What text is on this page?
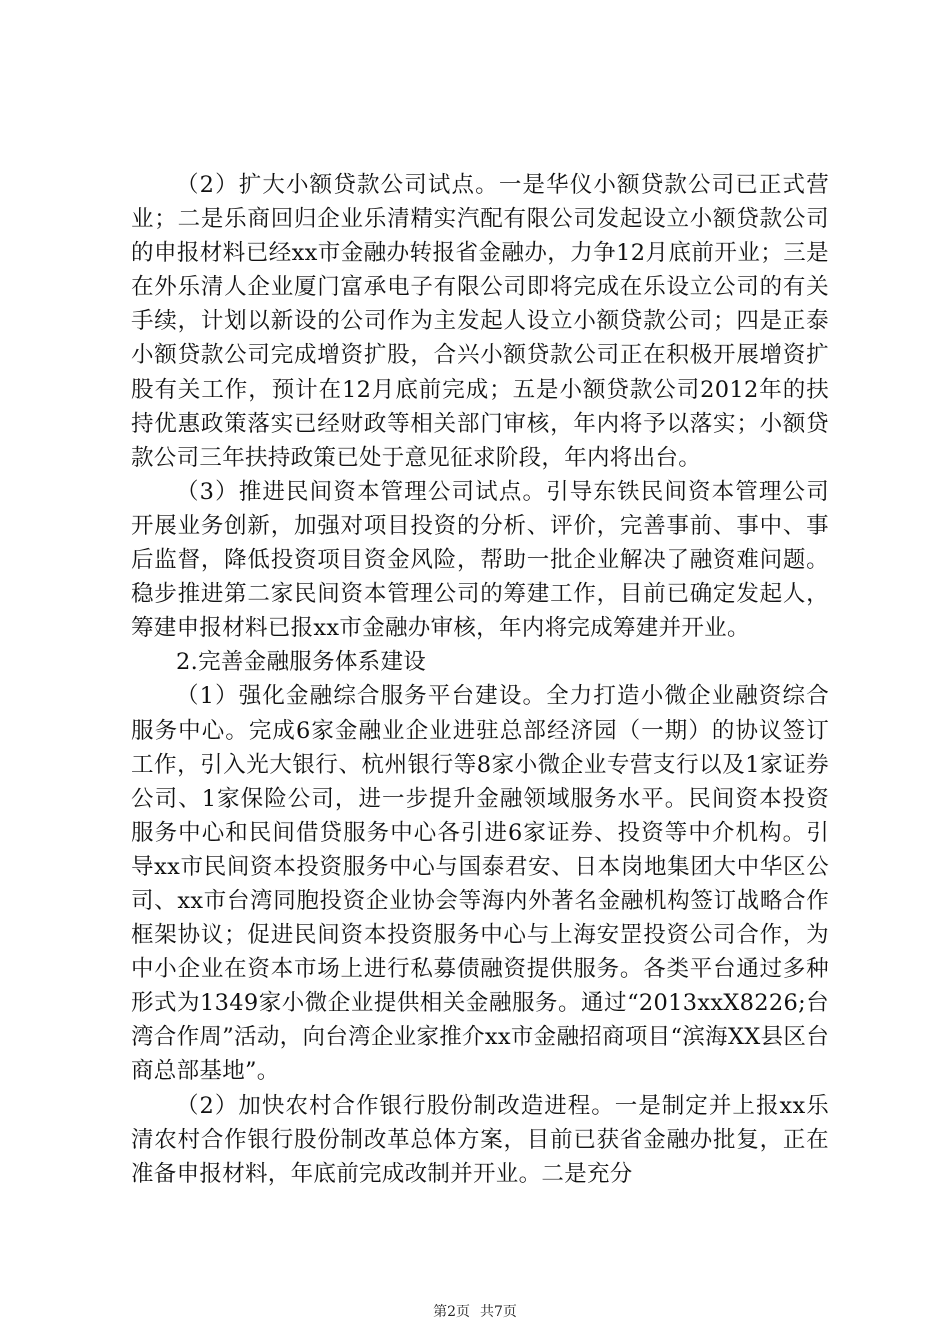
（2）扩大小额贷款公司试点。一是华仪小额贷款公司已正式营业；二是乐商回归企业乐清精实汽配有限公司发起设立小额贷款公司的申报材料已经xx市金融办转报省金融办，力争12月底前开业；三是在外乐清人企业厦门富承电子有限公司即将完成在乐设立公司的有关手续，计划以新设的公司作为主发起人设立小额贷款公司；四是正泰小额贷款公司完成增资扩股，合兴小额贷款公司正在积极开展增资扩股有关工作，预计在12月底前完成；五是小额贷款公司2012年的扶持优惠政策落实已经财政等相关部门审核，年内将予以落实；小额贷款公司三年扶持政策已处于意见征求阶段，年内将出台。

（3）推进民间资本管理公司试点。引导东铁民间资本管理公司开展业务创新，加强对项目投资的分析、评价，完善事前、事中、事后监督，降低投资项目资金风险，帮助一批企业解决了融资难问题。稳步推进第二家民间资本管理公司的筹建工作，目前已确定发起人，筹建申报材料已报xx市金融办审核，年内将完成筹建并开业。

2.完善金融服务体系建设

（1）强化金融综合服务平台建设。全力打造小微企业融资综合服务中心。完成6家金融业企业进驻总部经济园（一期）的协议签订工作，引入光大银行、杭州银行等8家小微企业专营支行以及1家证券公司、1家保险公司，进一步提升金融领域服务水平。民间资本投资服务中心和民间借贷服务中心各引进6家证券、投资等中介机构。引导xx市民间资本投资服务中心与国泰君安、日本岗地集团大中华区公司、xx市台湾同胞投资企业协会等海内外著名金融机构签订战略合作框架协议；促进民间资本投资服务中心与上海安罡投资公司合作，为中小企业在资本市场上进行私募债融资提供服务。各类平台通过多种形式为1349家小微企业提供相关金融服务。通过“2013xxX8226;台湾合作周”活动，向台湾企业家推介xx市金融招商项目“滨海XX县区台商总部基地”。

（2）加快农村合作银行股份制改造进程。一是制定并上报xx乐清农村合作银行股份制改革总体方案，目前已获省金融办批复，正在准备申报材料，年底前完成改制并开业。二是充分

第2页 共7页
